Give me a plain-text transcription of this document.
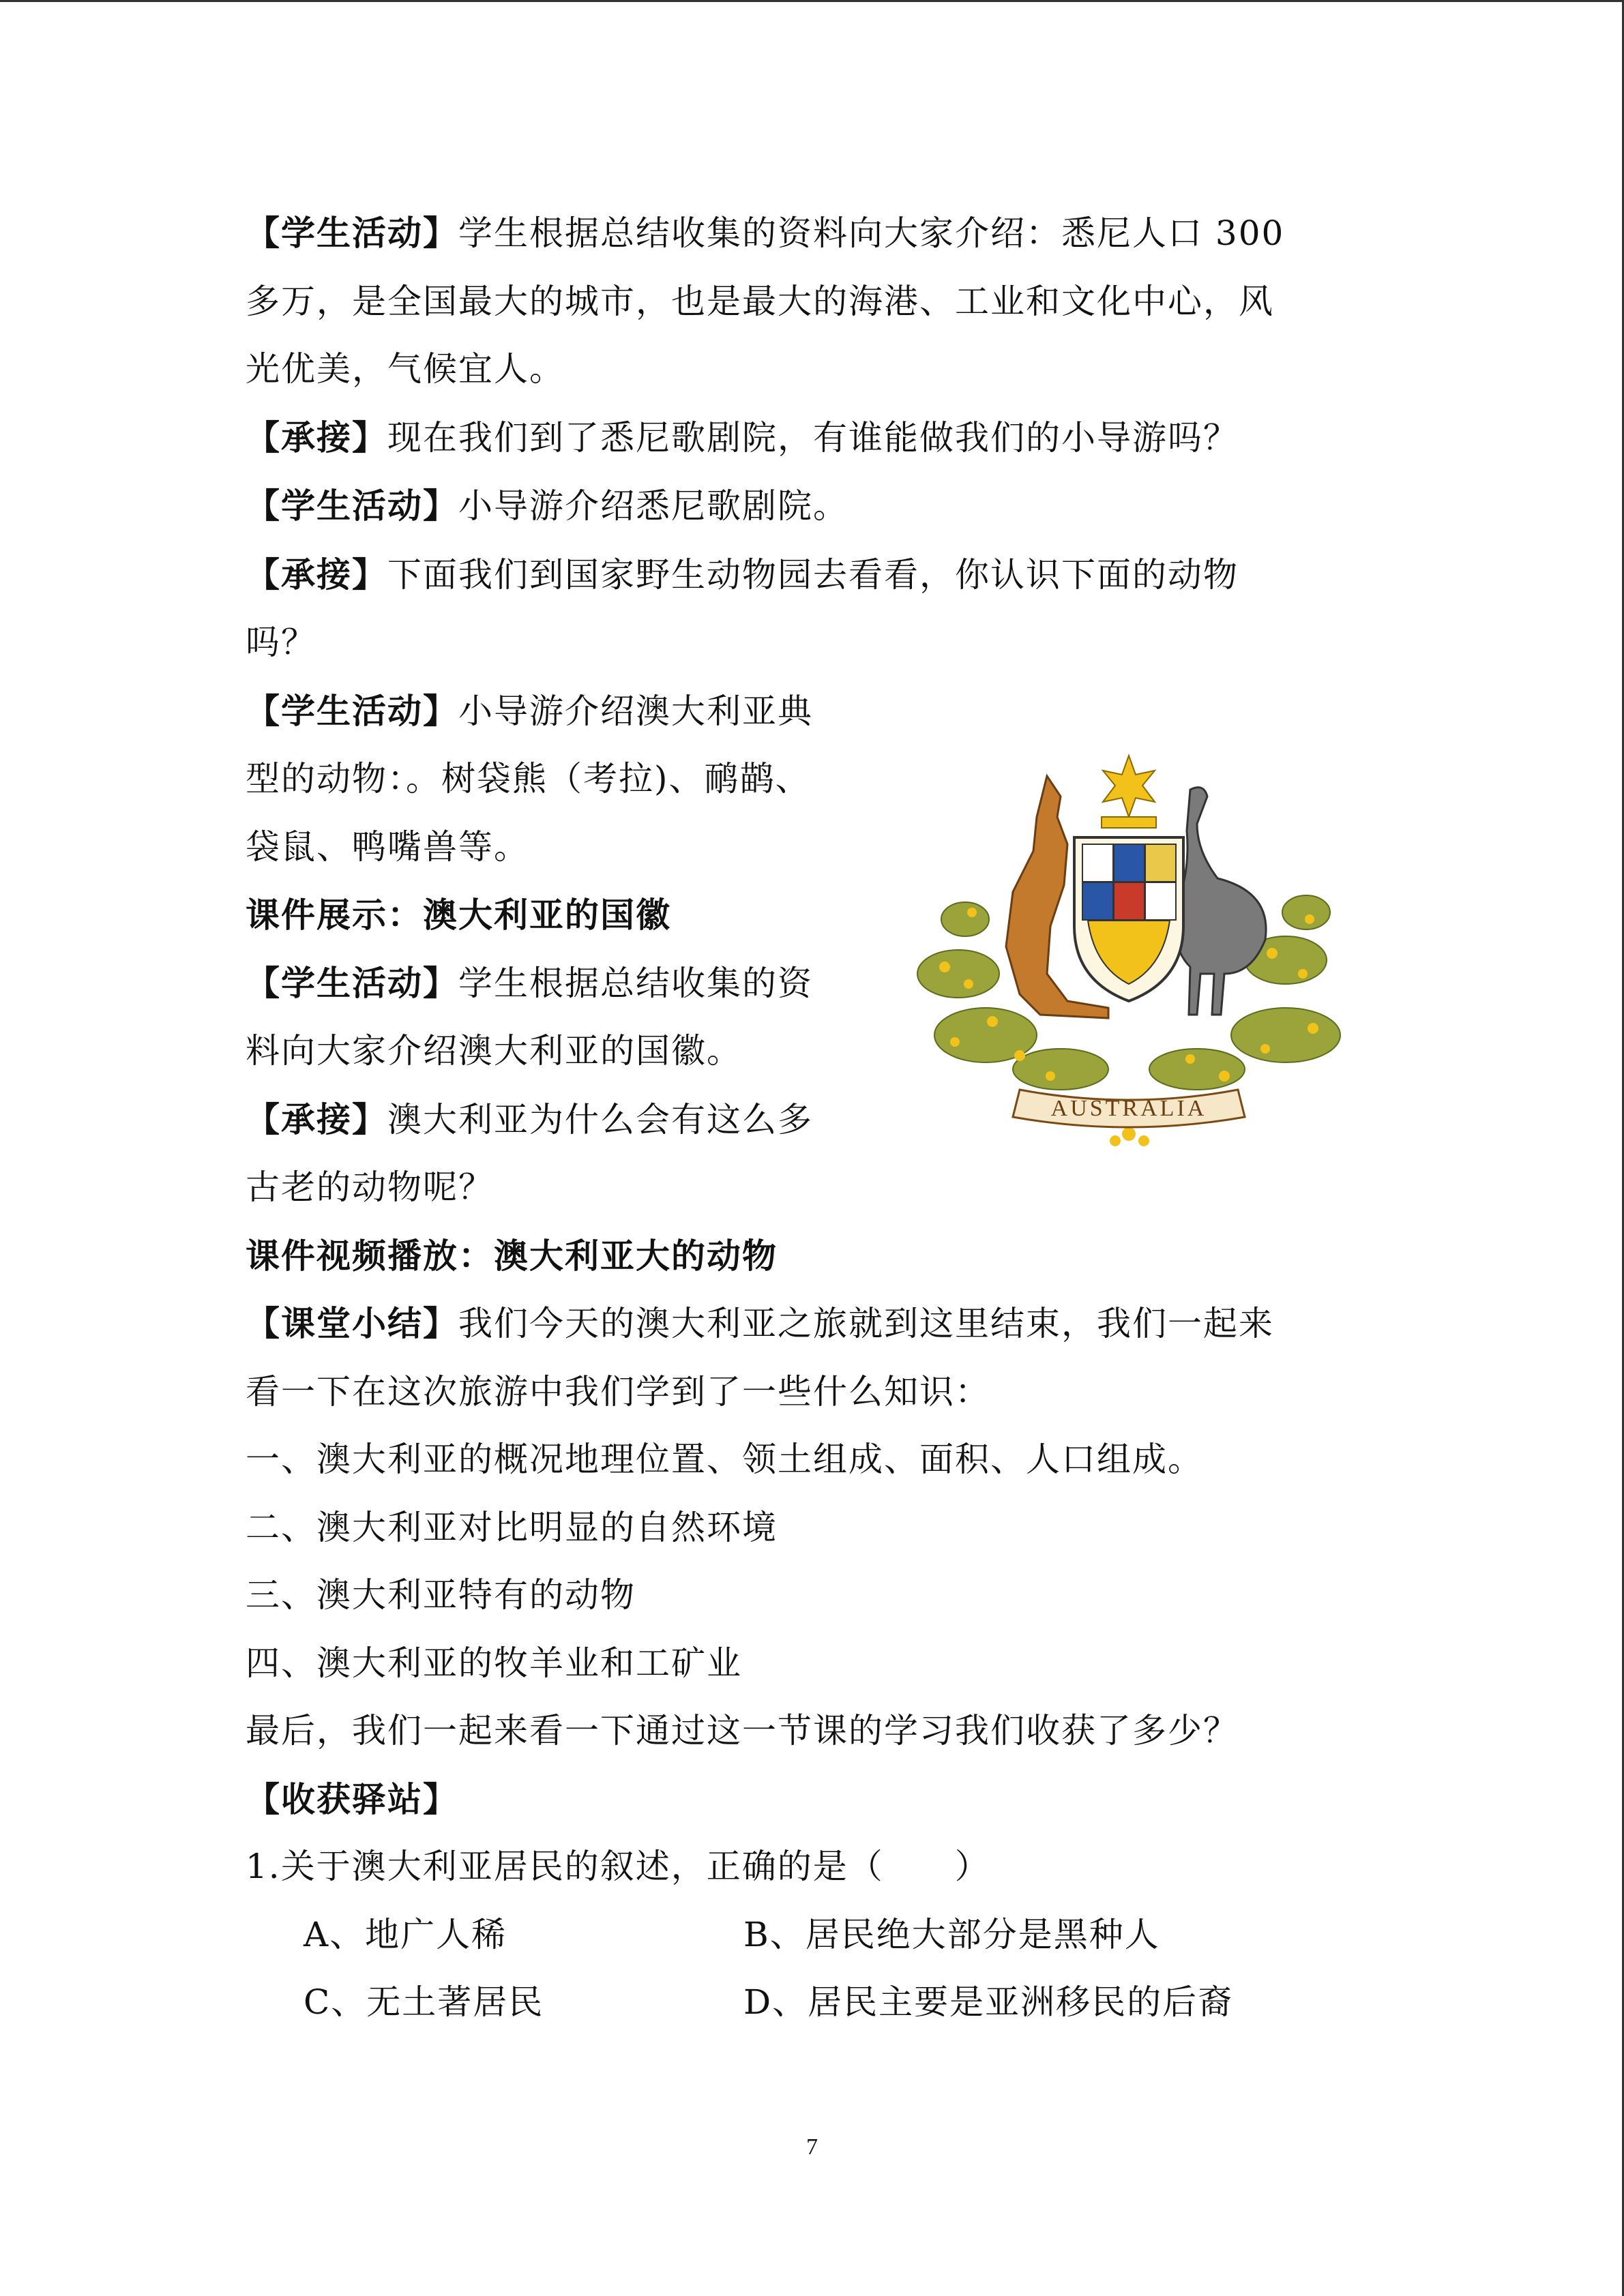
【学生活动】学生根据总结收集的资料向大家介绍：悉尼人口 300

多万，是全国最大的城市，也是最大的海港、工业和文化中心，风

光优美，气候宜人。

【承接】现在我们到了悉尼歌剧院，有谁能做我们的小导游吗？

【学生活动】小导游介绍悉尼歌剧院。

【承接】下面我们到国家野生动物园去看看，你认识下面的动物

吗？

【学生活动】小导游介绍澳大利亚典

型的动物：。树袋熊（考拉)、鸸鹋、

袋鼠、鸭嘴兽等。

课件展示：澳大利亚的国徽

【学生活动】学生根据总结收集的资

料向大家介绍澳大利亚的国徽。

【承接】澳大利亚为什么会有这么多

古老的动物呢？

课件视频播放：澳大利亚大的动物

【课堂小结】我们今天的澳大利亚之旅就到这里结束，我们一起来

看一下在这次旅游中我们学到了一些什么知识：

一、澳大利亚的概况地理位置、领土组成、面积、人口组成。

二、澳大利亚对比明显的自然环境

三、澳大利亚特有的动物

四、澳大利亚的牧羊业和工矿业

最后，我们一起来看一下通过这一节课的学习我们收获了多少？

【收获驿站】

1.关于澳大利亚居民的叙述，正确的是（　　）

A、地广人稀	B、居民绝大部分是黑种人

C、无土著居民	D、居民主要是亚洲移民的后裔

AUSTRALIA
7
